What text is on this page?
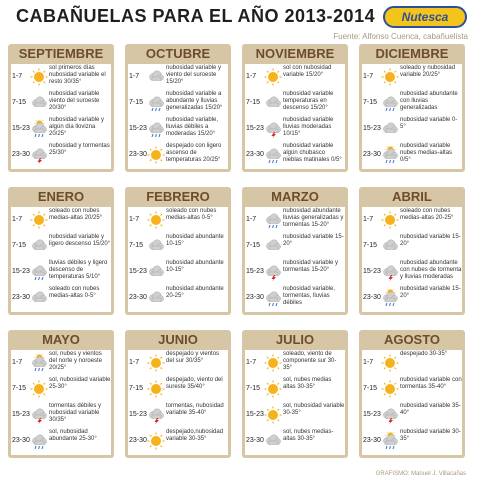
CABAÑUELAS PARA EL AÑO 2013-2014 Nutesca
Fuente: Alfonso Cuenca, cabañuelista
SEPTIEMBRE
1-7
sol primeros días nubosidad variable el resto 30/35°
7-15
nubosidad variable viento del suroeste 20/30°
15-23
nubosidad variable y algún día lloviznа 20/25°
23-30
nubosidad y tormentas 25/30°
OCTUBRE
1-7
nubosidad variable y viento del suroeste 15/20°
7-15
nubosidad variable a abundante y lluvias generalizadas 15/20°
15-23
nubosidad variable, lluvias débiles a moderadas 15/20°
23-30
despejado con ligero ascenso de temperaturas 20/25°
NOVIEMBRE
1-7
sol con nubosidad variable 15/20°
7-15
nubosidad variable temperaturas en descenso 15/20°
15-23
nubosidad variable lluvias moderadas 10/15°
23-30
nubosidad variable algún chubasco nieblas matinales 0/5°
DICIEMBRE
1-7
soleado y nubosidad variable 20/25°
7-15
nubosidad abundante con lluvias generalizadas
15-23
nubosidad variable 0-5°
23-30
nubosidad variable nubes medias-altas 0/5°
ENERO
1-7
soleado con nubes medias-altas 20/25°
7-15
nubosidad variable y ligero descenso 15/20°
15-23
lluvias débiles y ligero descenso de temperaturas 5/10°
23-30
soleado con nubes medias-altas 0-5°
FEBRERO
1-7
soleado con nubes medias-altas 0-5°
7-15
nubosidad abundante 10-15°
15-23
nubosidad abundante 10-15°
23-30
nubosidad abundante 20-25°
MARZO
1-7
nubosidad abundante lluvias generalizadas y tormentas 15-20°
7-15
nubosidad variable 15-20°
15-23
nubosidad variable y tormentas 15-20°
23-30
nubosidad variable, tormentas, lluvias débiles
ABRIL
1-7
soleado con nubes medias-altas 20-25°
7-15
nubosidad variable 15-20°
15-23
nubosidad abundante con nubes de tormenta y lluvias moderadas
23-30
nubosidad variable 15-20°
MAYO
1-7
sol, nubes y vientos del norte y noroeste 20/25°
7-15
sol, nubosidad variable 25-30°
15-23
tormentas débiles y nubosidad variable 30/35°
23-30
sol, nubosidad abundante 25-30°
JUNIO
1-7
despejado y vientos del sur 30/35°
7-15
despejado, viento del sureste 35/40°
15-23
tormentas, nubosidad variable 35-40°
23-30
despejado,nubosidad variable 30-35°
JULIO
1-7
soleado, viento de componente sur 30-35°
7-15
sol, nubes medias altas 30-35°
15-23
sol, nubosidad variable 30-35°
23-30
sol, nubes medias-altas 30-35°
AGOSTO
1-7
despejado 30-35°
7-15
nubosidad variable con tormentas 35-40°
15-23
nubosidad variable 35-40°
23-30
nubosidad variable 30-35°
GRAFISMO: Manuel J. Villacañas
